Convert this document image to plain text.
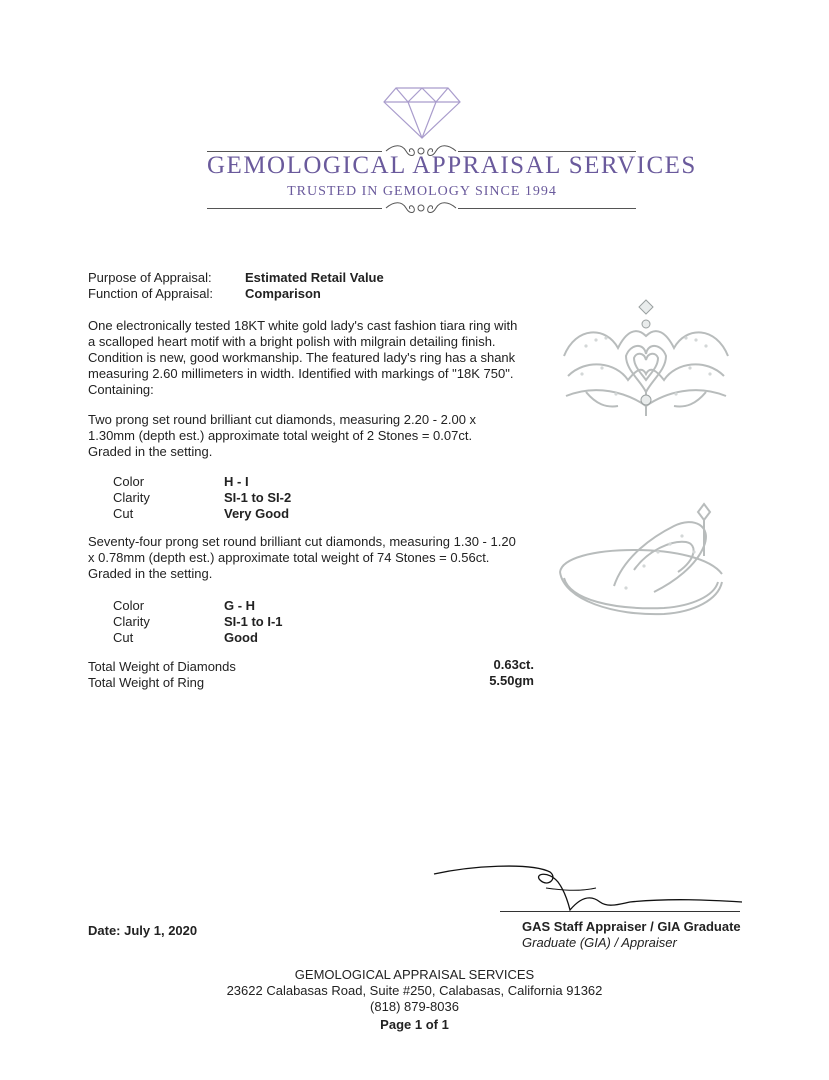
GEMOLOGICAL APPRAISAL SERVICES
TRUSTED IN GEMOLOGY SINCE 1994
Purpose of Appraisal:	Estimated Retail Value
Function of Appraisal: Comparison
One electronically tested 18KT white gold lady's cast fashion tiara ring with a scalloped heart motif with a bright polish with milgrain detailing finish. Condition is new, good workmanship. The featured lady's ring has a shank measuring 2.60 millimeters in width. Identified with markings of "18K 750". Containing:
Two prong set round brilliant cut diamonds, measuring 2.20 - 2.00 x 1.30mm (depth est.) approximate total weight of 2 Stones = 0.07ct. Graded in the setting.
Color	H - I
Clarity	SI-1 to SI-2
Cut	Very Good
Seventy-four prong set round brilliant cut diamonds, measuring 1.30 - 1.20 x 0.78mm (depth est.) approximate total weight of 74 Stones = 0.56ct. Graded in the setting.
Color	G - H
Clarity	SI-1 to I-1
Cut	Good
Total Weight of Diamonds	0.63ct.
Total Weight of Ring	5.50gm
Date: July 1, 2020	GAS Staff Appraiser / GIA Graduate
Graduate (GIA) / Appraiser
GEMOLOGICAL APPRAISAL SERVICES
23622 Calabasas Road, Suite #250, Calabasas, California 91362
(818) 879-8036
Page 1 of 1
